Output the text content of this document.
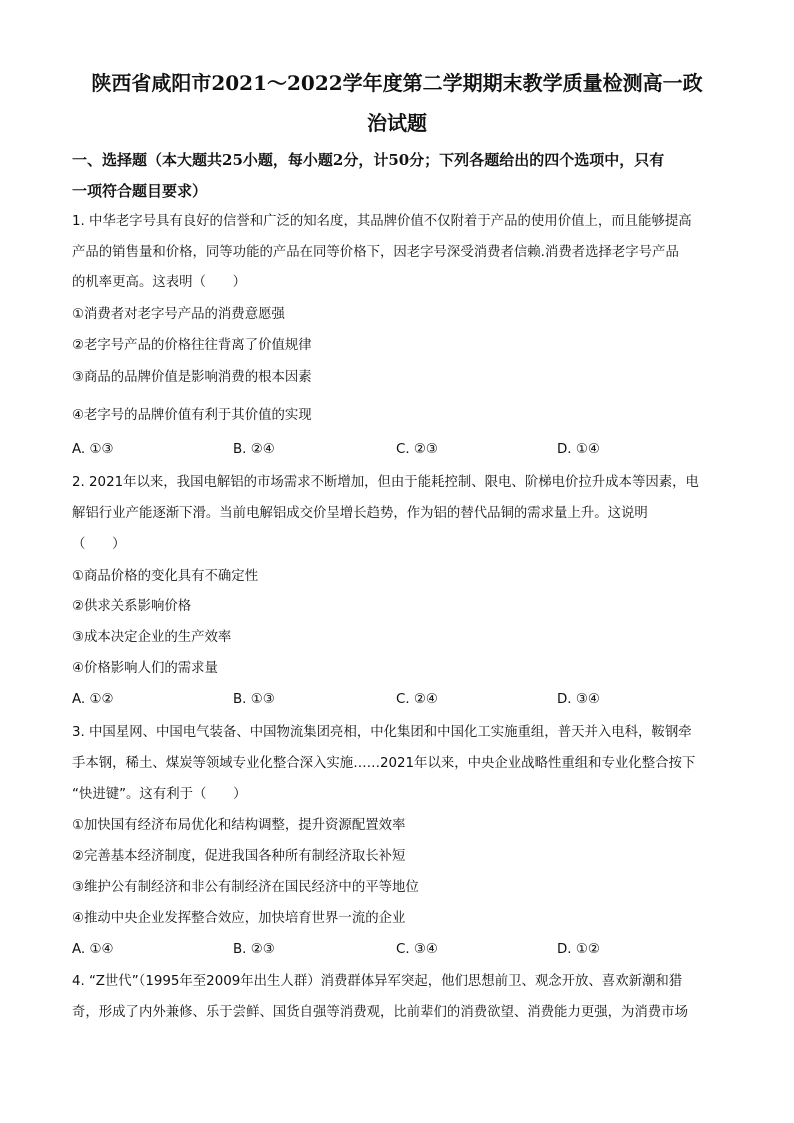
陕西省咸阳市2021～2022学年度第二学期期末教学质量检测高一政
治试题
一、选择题（本大题共25小题，每小题2分，计50分；下列各题给出的四个选项中，只有
一项符合题目要求）
1. 中华老字号具有良好的信誉和广泛的知名度，其品牌价值不仅附着于产品的使用价值上，而且能够提高
产品的销售量和价格，同等功能的产品在同等价格下，因老字号深受消费者信赖.消费者选择老字号产品
的机率更高。这表明（　　）
①消费者对老字号产品的消费意愿强
②老字号产品的价格往往背离了价值规律
③商品的品牌价值是影响消费的根本因素
④老字号的品牌价值有利于其价值的实现
A. ①③	B. ②④	C. ②③	D. ①④
2. 2021年以来，我国电解铝的市场需求不断增加，但由于能耗控制、限电、阶梯电价拉升成本等因素，电
解铝行业产能逐渐下滑。当前电解铝成交价呈增长趋势，作为铝的替代品铜的需求量上升。这说明
（　　）
①商品价格的变化具有不确定性
②供求关系影响价格
③成本决定企业的生产效率
④价格影响人们的需求量
A. ①②	B. ①③	C. ②④	D. ③④
3. 中国星网、中国电气装备、中国物流集团亮相，中化集团和中国化工实施重组，普天并入电科，鞍钢牵
手本钢，稀土、煤炭等领域专业化整合深入实施……2021年以来，中央企业战略性重组和专业化整合按下
“快进键”。这有利于（　　）
①加快国有经济布局优化和结构调整，提升资源配置效率
②完善基本经济制度，促进我国各种所有制经济取长补短
③维护公有制经济和非公有制经济在国民经济中的平等地位
④推动中央企业发挥整合效应，加快培育世界一流的企业
A. ①④	B. ②③	C. ③④	D. ①②
4. “Z世代”（1995年至2009年出生人群）消费群体异军突起，他们思想前卫、观念开放、喜欢新潮和猎
奇，形成了内外兼修、乐于尝鲜、国货自强等消费观，比前辈们的消费欲望、消费能力更强，为消费市场
